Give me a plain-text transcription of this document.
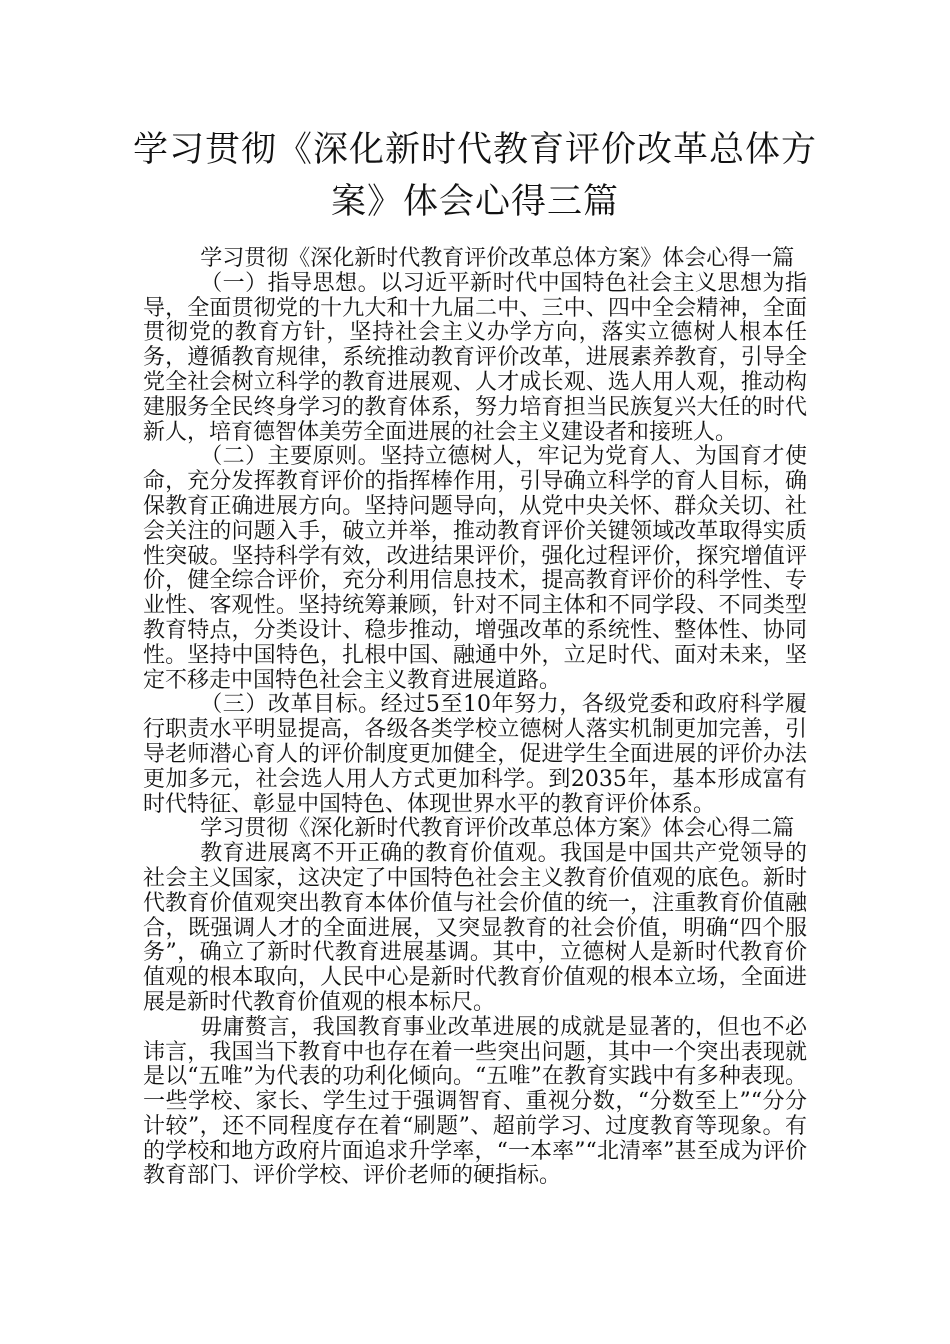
学习贯彻《深化新时代教育评价改革总体方案》体会心得三篇

学习贯彻《深化新时代教育评价改革总体方案》体会心得一篇

（一）指导思想。以习近平新时代中国特色社会主义思想为指导，全面贯彻党的十九大和十九届二中、三中、四中全会精神，全面贯彻党的教育方针，坚持社会主义办学方向，落实立德树人根本任务，遵循教育规律，系统推动教育评价改革，进展素养教育，引导全党全社会树立科学的教育进展观、人才成长观、选人用人观，推动构建服务全民终身学习的教育体系，努力培育担当民族复兴大任的时代新人，培育德智体美劳全面进展的社会主义建设者和接班人。

（二）主要原则。坚持立德树人，牢记为党育人、为国育才使命，充分发挥教育评价的指挥棒作用，引导确立科学的育人目标，确保教育正确进展方向。坚持问题导向，从党中央关怀、群众关切、社会关注的问题入手，破立并举，推动教育评价关键领域改革取得实质性突破。坚持科学有效，改进结果评价，强化过程评价，探究增值评价，健全综合评价，充分利用信息技术，提高教育评价的科学性、专业性、客观性。坚持统筹兼顾，针对不同主体和不同学段、不同类型教育特点，分类设计、稳步推动，增强改革的系统性、整体性、协同性。坚持中国特色，扎根中国、融通中外，立足时代、面对未来，坚定不移走中国特色社会主义教育进展道路。

（三）改革目标。经过5至10年努力，各级党委和政府科学履行职责水平明显提高，各级各类学校立德树人落实机制更加完善，引导老师潜心育人的评价制度更加健全，促进学生全面进展的评价办法更加多元，社会选人用人方式更加科学。到2035年，基本形成富有时代特征、彰显中国特色、体现世界水平的教育评价体系。

学习贯彻《深化新时代教育评价改革总体方案》体会心得二篇

教育进展离不开正确的教育价值观。我国是中国共产党领导的社会主义国家，这决定了中国特色社会主义教育价值观的底色。新时代教育价值观突出教育本体价值与社会价值的统一，注重教育价值融合，既强调人才的全面进展，又突显教育的社会价值，明确“四个服务”，确立了新时代教育进展基调。其中，立德树人是新时代教育价值观的根本取向，人民中心是新时代教育价值观的根本立场，全面进展是新时代教育价值观的根本标尺。

毋庸赘言，我国教育事业改革进展的成就是显著的，但也不必讳言，我国当下教育中也存在着一些突出问题，其中一个突出表现就是以“五唯”为代表的功利化倾向。“五唯”在教育实践中有多种表现。一些学校、家长、学生过于强调智育、重视分数，“分数至上”“分分计较”，还不同程度存在着“刷题”、超前学习、过度教育等现象。有的学校和地方政府片面追求升学率，“一本率”“北清率”甚至成为评价教育部门、评价学校、评价老师的硬指标。
